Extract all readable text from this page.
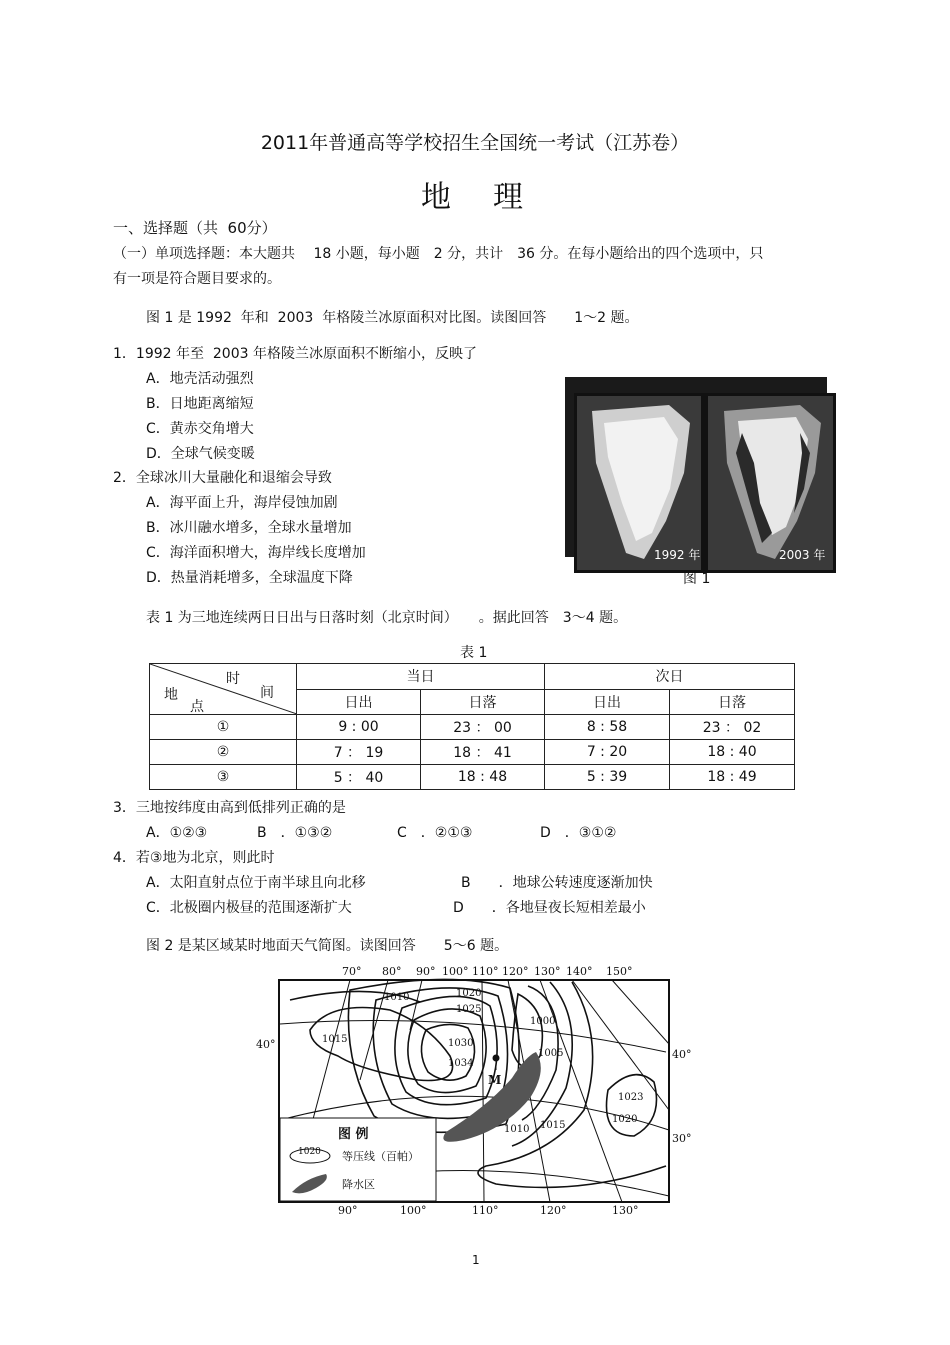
2011年普通高等学校招生全国统一考试（江苏卷）
地　理
一、选择题（共  60分）
（一）单项选择题：本大题共　 18 小题，每小题　2 分，共计　36 分。在每小题给出的四个选项中，只
有一项是符合题目要求的。
图 1 是 1992  年和  2003  年格陵兰冰原面积对比图。读图回答　　1～2 题。
1．1992 年至  2003 年格陵兰冰原面积不断缩小，反映了
A．地壳活动强烈
B．日地距离缩短
C．黄赤交角增大
D．全球气候变暖
2．全球冰川大量融化和退缩会导致
A．海平面上升，海岸侵蚀加剧
B．冰川融水增多，全球水量增加
C．海洋面积增大，海岸线长度增加
D．热量消耗增多，全球温度下降

1992 年	2003 年

图 1
表 1 为三地连续两日日出与日落时刻（北京时间）　　。据此回答　3～4 题。
表 1
时
间
地
点	当日		次日	
	日出	日落	日出	日落
①	9 : 00	23 ： 00	8 : 58	23 ： 02
②	7 ： 19	18 ： 41	7 : 20	18 : 40
③	5 ： 40	18 : 48	5 : 39	18 : 49
3．三地按纬度由高到低排列正确的是
A．①②③	B　．①③②	C　．②①③	D　．③①②
4．若③地为北京，则此时
A．太阳直射点位于南半球且向北移	B　　．地球公转速度逐渐加快
C．北极圈内极昼的范围逐渐扩大	D　　．各地昼夜长短相差最小
图 2 是某区域某时地面天气简图。读图回答　　5～6 题。
70° 80° 90° 100° 110° 120° 130° 140° 150°
90°	100°	110°	120°	130°
40°
40°
30°
1010	1020
1025
1000
1015	1030
1034
1005
1023
1020
1010 1015
M
图 例
1020 等压线（百帕）
降水区
1
